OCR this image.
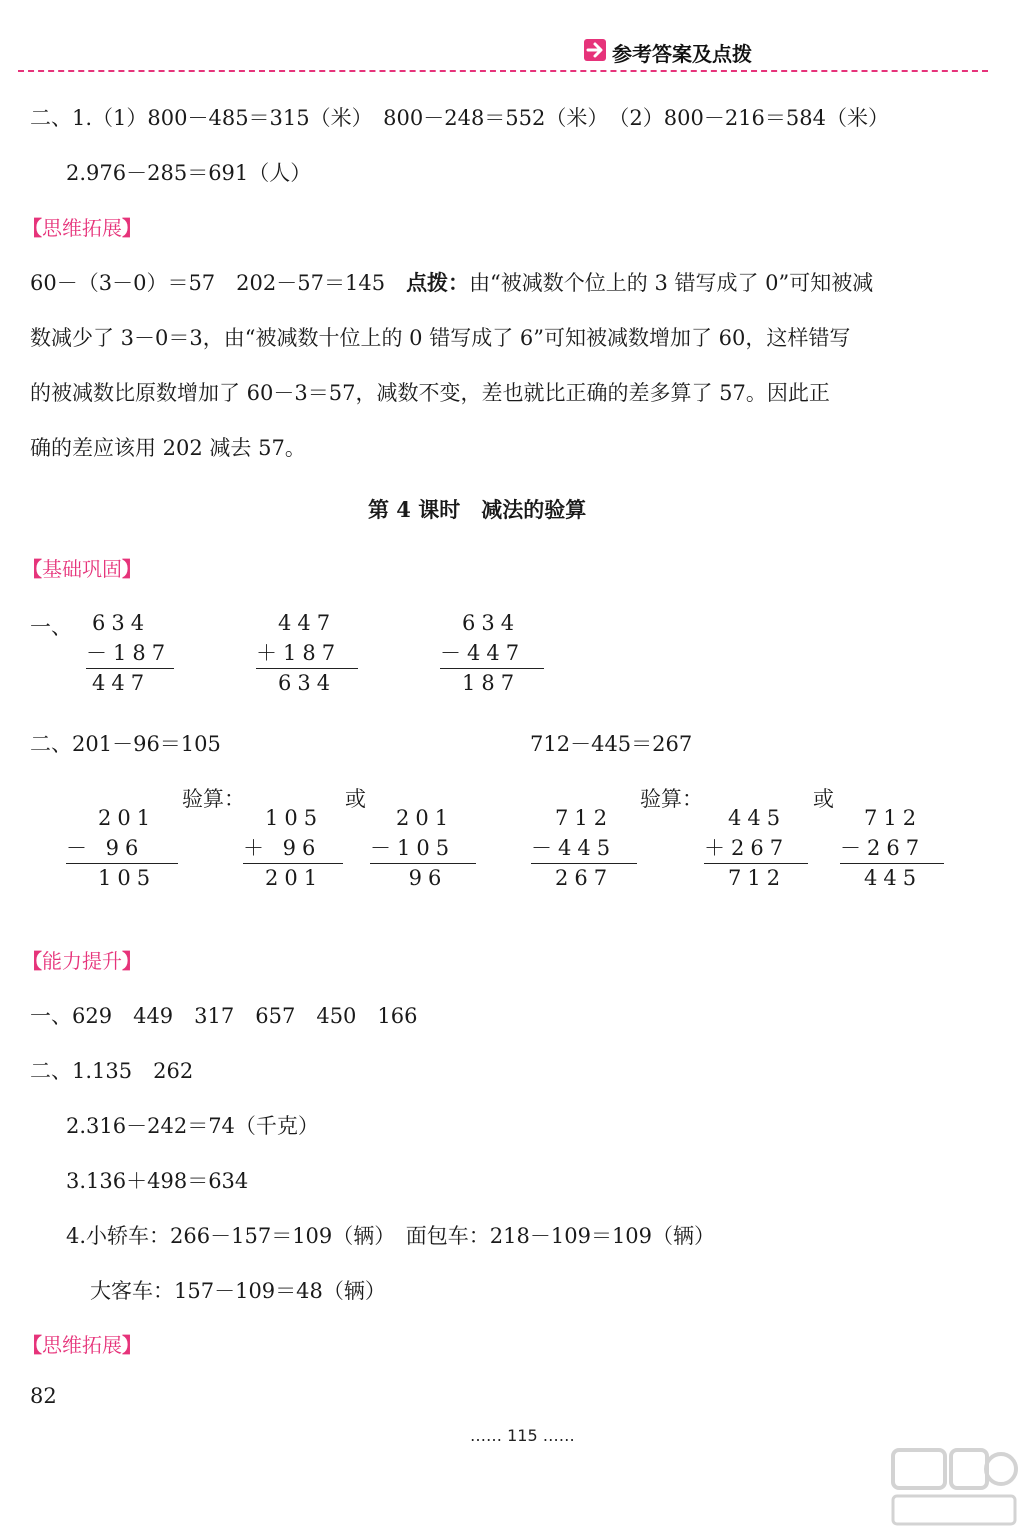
参考答案及点拨
二、1.（1）800－485＝315（米）　800－248＝552（米）　（2）800－216＝584（米）
2.976－285＝691（人）
【思维拓展】
60－（3－0）＝57　202－57＝145　点拨：由“被减数个位上的 3 错写成了 0”可知被减
数减少了 3－0＝3，由“被减数十位上的 0 错写成了 6”可知被减数增加了 60，这样错写
的被减数比原数增加了 60－3＝57，减数不变，差也就比正确的差多算了 57。因此正
确的差应该用 202 减去 57。
第 4 课时　减法的验算
【基础巩固】
一、 634
－187
447
447
＋187
634
634
－447
187
二、201－96＝105	712－445＝267
验算：	或	验算：	或
201
－ 96
105
105
＋ 96
201
201
－105
96
712
－445
267
445
＋267
712
712
－267
445
【能力提升】
一、629　449　317　657　450　166
二、1.135　262
2.316－242＝74（千克）
3.136＋498＝634
4.小轿车：266－157＝109（辆）　面包车：218－109＝109（辆）
大客车：157－109＝48（辆）
【思维拓展】
82
…… 115 ……
